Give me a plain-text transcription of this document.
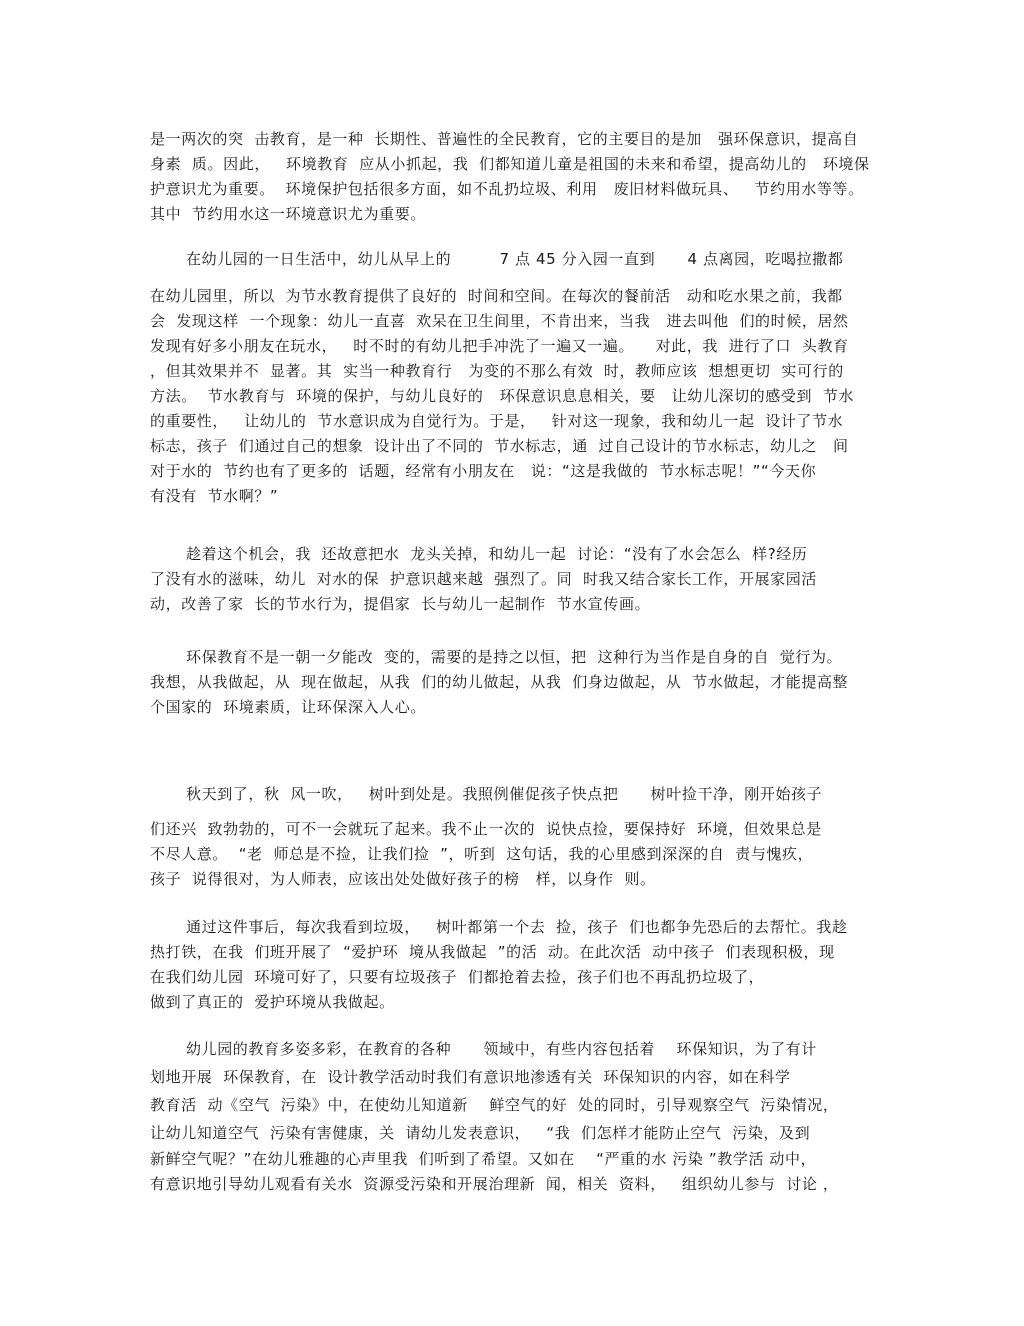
是一两次的突  击教育，是一种  长期性、普遍性的全民教育，它的主要目的是加   强环保意识，提高自
身素  质。因此，   环境教育  应从小抓起，我  们都知道儿童是祖国的未来和希望，提高幼儿的   环境保
护意识尤为重要。  环境保护包括很多方面，如不乱扔垃圾、利用   废旧材料做玩具、   节约用水等等。
其中  节约用水这一环境意识尤为重要。
在幼儿园的一日生活中，幼儿从早上的         7 点 45 分入园一直到      4 点离园，吃喝拉撒都
在幼儿园里，所以  为节水教育提供了良好的  时间和空间。在每次的餐前活   动和吃水果之前，我都
会  发现这样  一个现象：幼儿一直喜  欢呆在卫生间里，不肯出来，当我   进去叫他  们的时候，居然
发现有好多小朋友在玩水，   时不时的有幼儿把手冲洗了一遍又一遍。    对此，我  进行了口  头教育
，但其效果并不  显著。其  实当一种教育行   为变的不那么有效  时，教师应该  想想更切  实可行的
方法。  节水教育与  环境的保护，与幼儿良好的   环保意识息息相关，要   让幼儿深切的感受到  节水
的重要性，   让幼儿的  节水意识成为自觉行为。于是，   针对这一现象，我和幼儿一起  设计了节水
标志，孩子  们通过自己的想象  设计出了不同的  节水标志，通  过自己设计的节水标志，幼儿之   间
对于水的  节约也有了更多的  话题，经常有小朋友在   说：“这是我做的  节水标志呢！”“今天你
有没有  节水啊？”
趁着这个机会，我  还故意把水  龙头关掉，和幼儿一起  讨论：“没有了水会怎么  样?经历
了没有水的滋味，幼儿  对水的保  护意识越来越  强烈了。同  时我又结合家长工作，开展家园活
动，改善了家  长的节水行为，提倡家  长与幼儿一起制作  节水宣传画。
环保教育不是一朝一夕能改  变的，需要的是持之以恒，把  这种行为当作是自身的自  觉行为。
我想，从我做起，从  现在做起，从我  们的幼儿做起，从我  们身边做起，从  节水做起，才能提高整
个国家的  环境素质，让环保深入人心。
秋天到了，秋  风一吹，   树叶到处是。我照例催促孩子快点把      树叶捡干净，刚开始孩子
们还兴  致勃勃的，可不一会就玩了起来。我不止一次的  说快点捡，要保持好  环境，但效果总是
不尽人意。  “老  师总是不捡，让我们捡  ”，听到  这句话，我的心里感到深深的自  责与愧疚，
孩子  说得很对，为人师表，应该出处处做好孩子的榜   样，以身作  则。
通过这件事后，每次我看到垃圾，   树叶都第一个去  捡，孩子  们也都争先恐后的去帮忙。我趁
热打铁，在我  们班开展了  “爱护环  境从我做起  ”的活  动。在此次活  动中孩子  们表现积极，现
在我们幼儿园  环境可好了，只要有垃圾孩子  们都抢着去捡，孩子们也不再乱扔垃圾了，
做到了真正的  爱护环境从我做起。
幼儿园的教育多姿多彩，在教育的各种      领域中，有些内容包括着    环保知识，为了有计
划地开展  环保教育，在  设计教学活动时我们有意识地渗透有关  环保知识的内容，如在科学
教育活  动《空气  污染》中，在使幼儿知道新    鲜空气的好  处的同时，引导观察空气  污染情况，
让幼儿知道空气  污染有害健康，关  请幼儿发表意识，   “我  们怎样才能防止空气  污染，及到
新鲜空气呢？”在幼儿雅趣的心声里我  们听到了希望。又如在    “严重的水 污染 ”教学活 动中，
有意识地引导幼儿观看有关水  资源受污染和开展治理新  闻，相关  资料，   组织幼儿参与  讨论 ，
